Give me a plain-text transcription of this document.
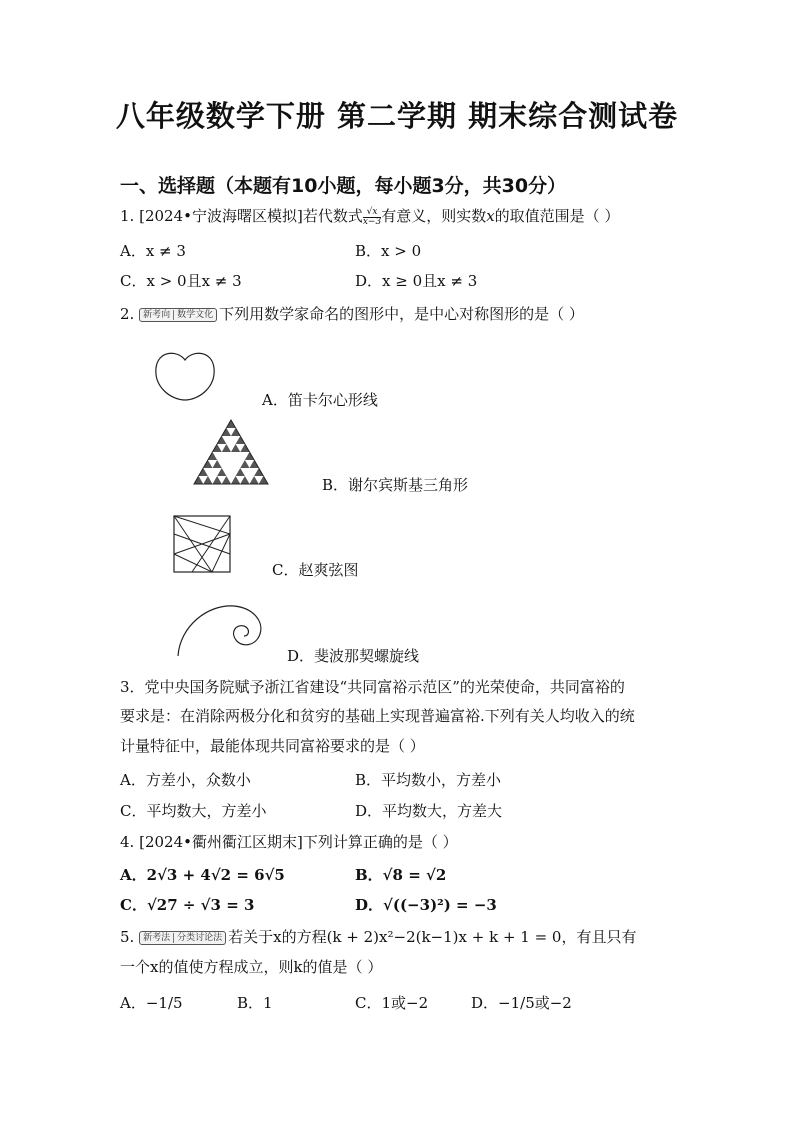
八年级数学下册 第二学期 期末综合测试卷
一、选择题（本题有10小题，每小题3分，共30分）
1. [2024•宁波海曙区模拟]若代数式 $\frac{√x}{x-3}$ 有意义，则实数x的取值范围是（ ）
A．x ≠ 3	B．x > 0
C．x > 0且x ≠ 3	D．x ≥ 0且x ≠ 3
2. 新考向 数学文化 下列用数学家命名的图形中，是中心对称图形的是（ ）
A．笛卡尔心形线
B．谢尔宾斯基三角形
C．赵爽弦图
D．斐波那契螺旋线
3．党中央国务院赋予浙江省建设“共同富裕示范区”的光荣使命，共同富裕的
要求是：在消除两极分化和贫穷的基础上实现普遍富裕.下列有关人均收入的统
计量特征中，最能体现共同富裕要求的是（ ）
A．方差小，众数小	B．平均数小，方差小
C．平均数大，方差小	D．平均数大，方差大
4. [2024•衢州衢江区期末]下列计算正确的是（ ）
A．2√3 + 4√2 = 6√5	B．√8 = √2
C．√27 ÷ √3 = 3	D．√((−3)²) = −3
5. 新考法 分类讨论法 若关于x的方程(k + 2)x²−2(k−1)x + k + 1 = 0，有且只有
一个x的值使方程成立，则k的值是（ ）
A．−1/5	B．1	C．1或−2	D．−1/5或−2
